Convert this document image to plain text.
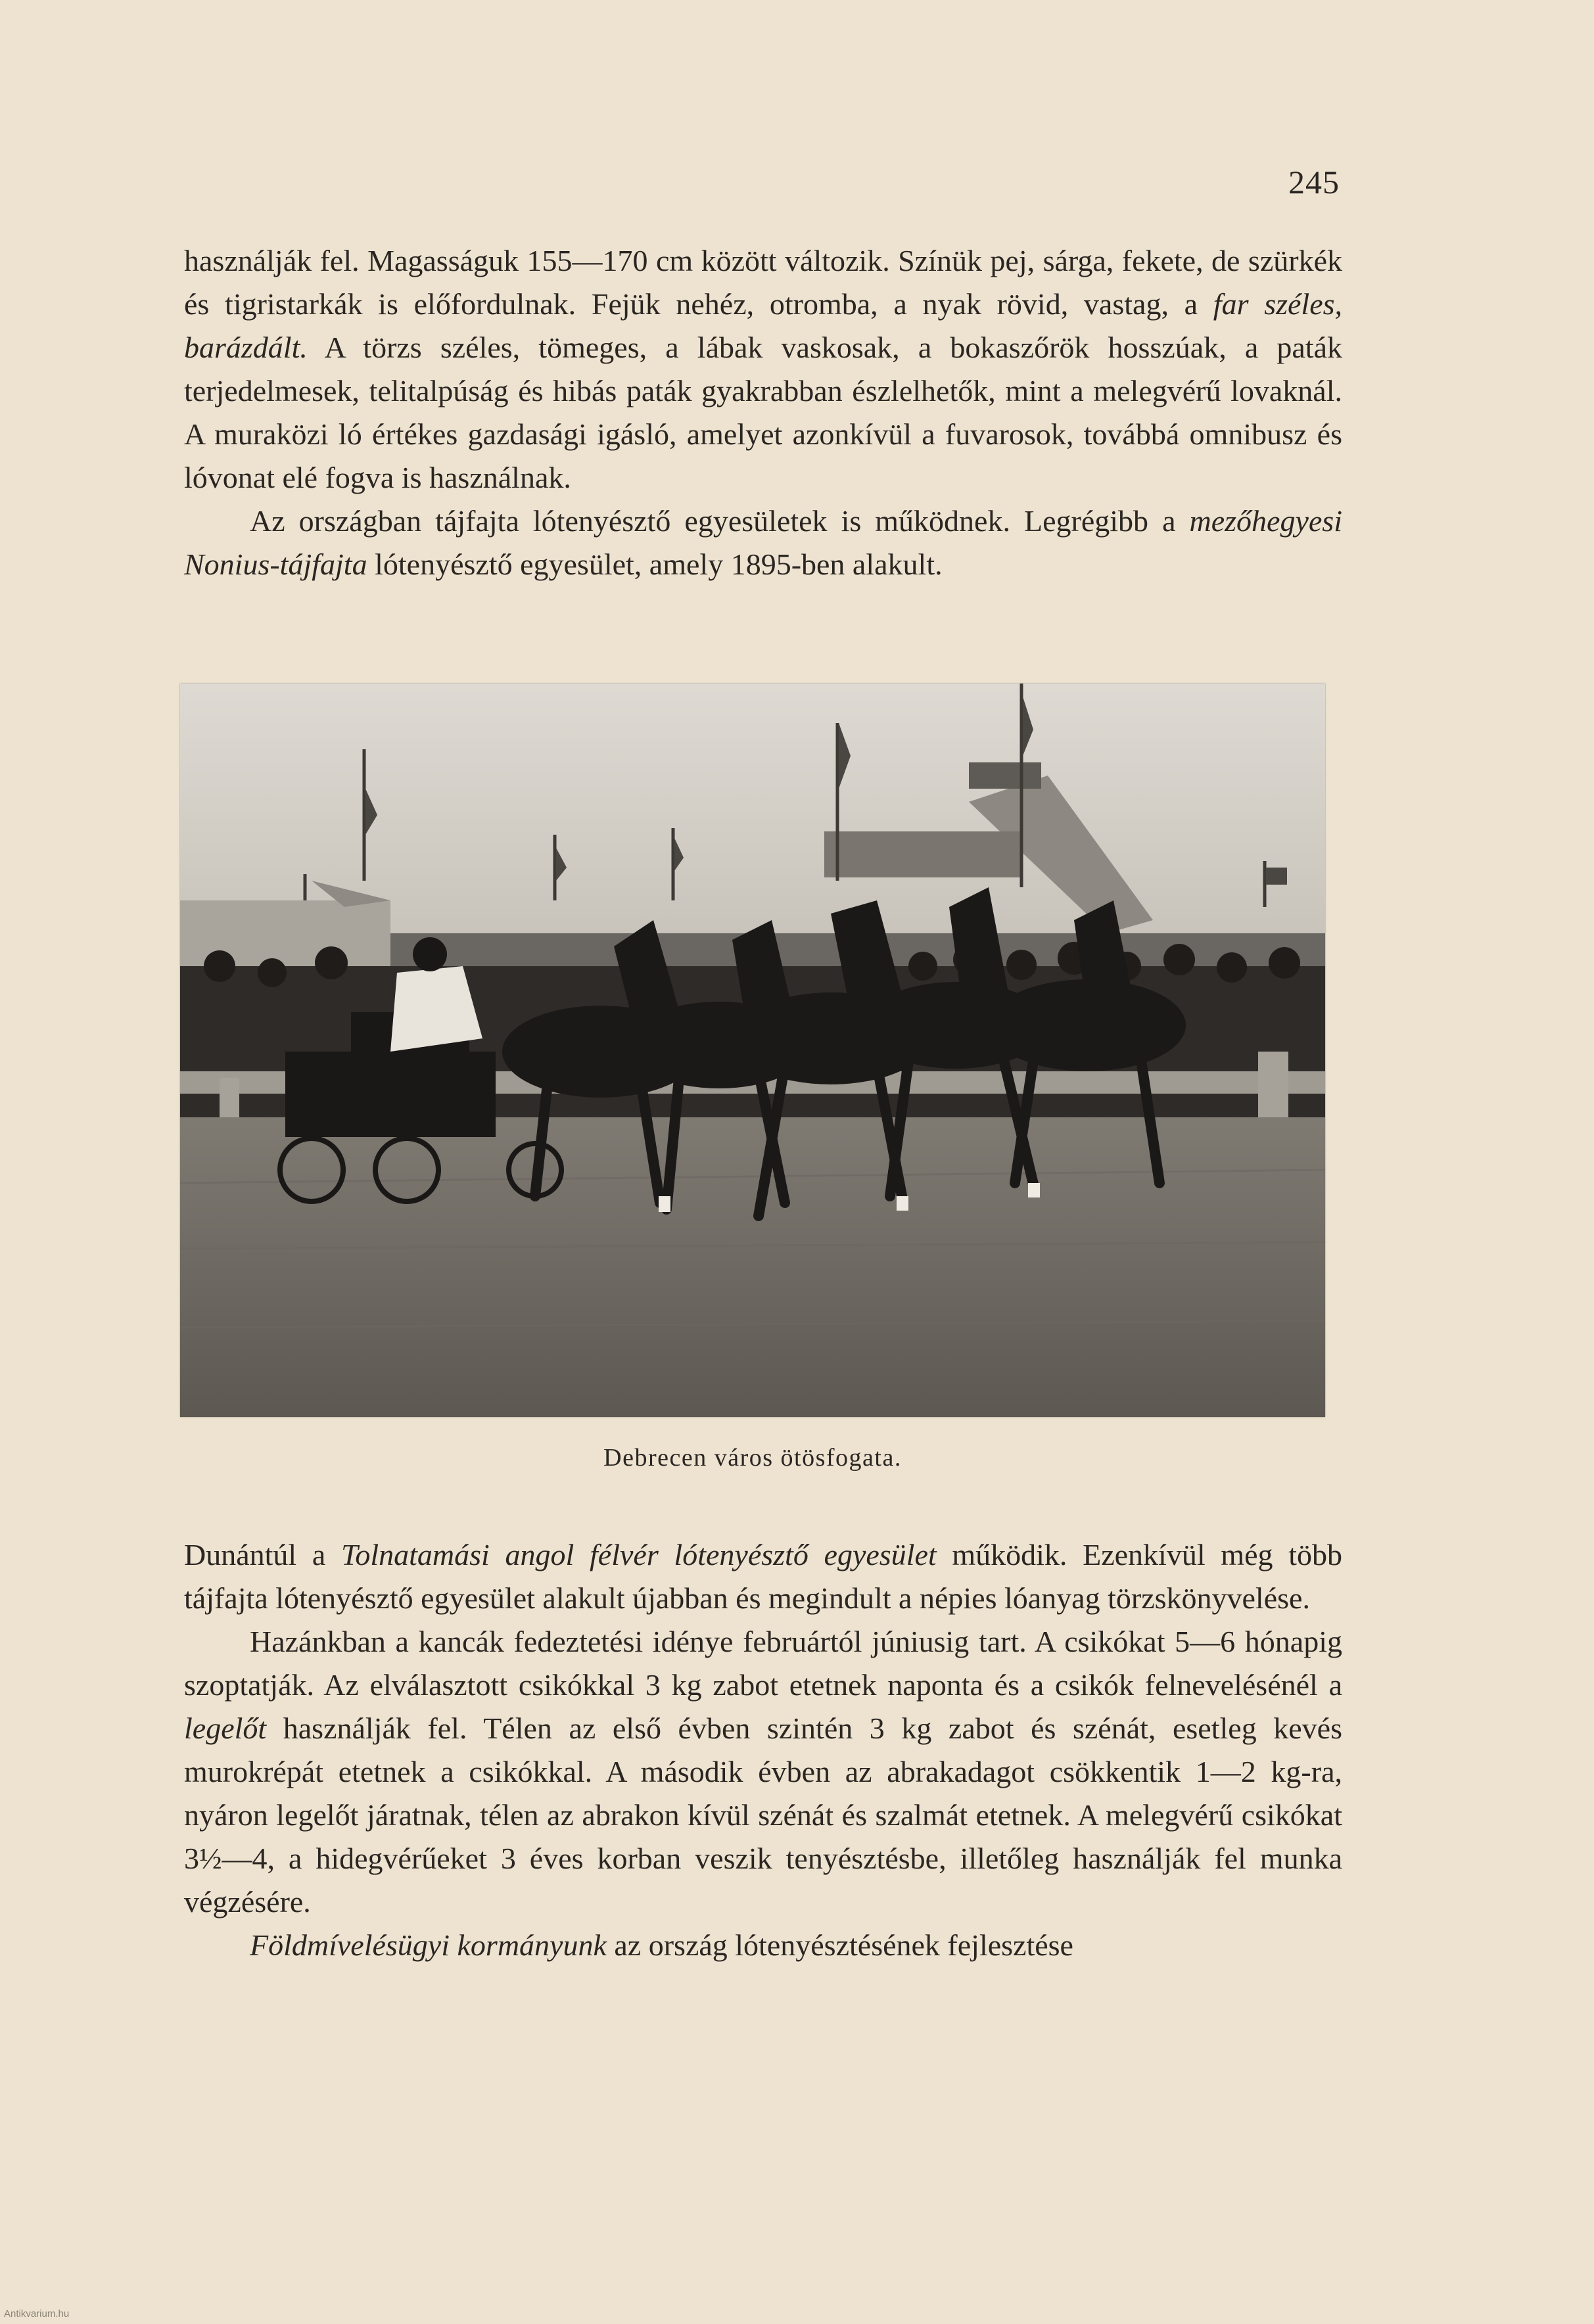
245

használják fel. Magasságuk 155—170 cm között változik. Színük pej, sárga, fekete, de szürkék és tigristarkák is előfordulnak. Fejük nehéz, otromba, a nyak rövid, vastag, a far széles, barázdált. A törzs széles, tömeges, a lábak vaskosak, a bokaszőrök hosszúak, a paták terjedelmesek, telitalpúság és hibás paták gyakrabban észlelhetők, mint a melegvérű lovaknál. A muraközi ló értékes gazdasági igásló, amelyet azonkívül a fuvarosok, továbbá omnibusz és lóvonat elé fogva is használnak.

Az országban tájfajta lótenyésztő egyesületek is működnek. Legrégibb a mezőhegyesi Nonius-tájfajta lótenyésztő egyesület, amely 1895-ben alakult.

Debrecen város ötösfogata.

Dunántúl a Tolnatamási angol félvér lótenyésztő egyesület működik. Ezenkívül még több tájfajta lótenyésztő egyesület alakult újabban és megindult a népies lóanyag törzskönyvelése.

Hazánkban a kancák fedeztetési idénye februártól júniusig tart. A csikókat 5—6 hónapig szoptatják. Az elválasztott csikókkal 3 kg zabot etetnek naponta és a csikók felnevelésénél a legelőt használják fel. Télen az első évben szintén 3 kg zabot és szénát, esetleg kevés murokrépát etetnek a csikókkal. A második évben az abrakadagot csökkentik 1—2 kg-ra, nyáron legelőt járatnak, télen az abrakon kívül szénát és szalmát etetnek. A melegvérű csikókat 3½—4, a hidegvérűeket 3 éves korban veszik tenyésztésbe, illetőleg használják fel munka végzésére.

Földmívelésügyi kormányunk az ország lótenyésztésének fejlesztése

Antikvarium.hu
